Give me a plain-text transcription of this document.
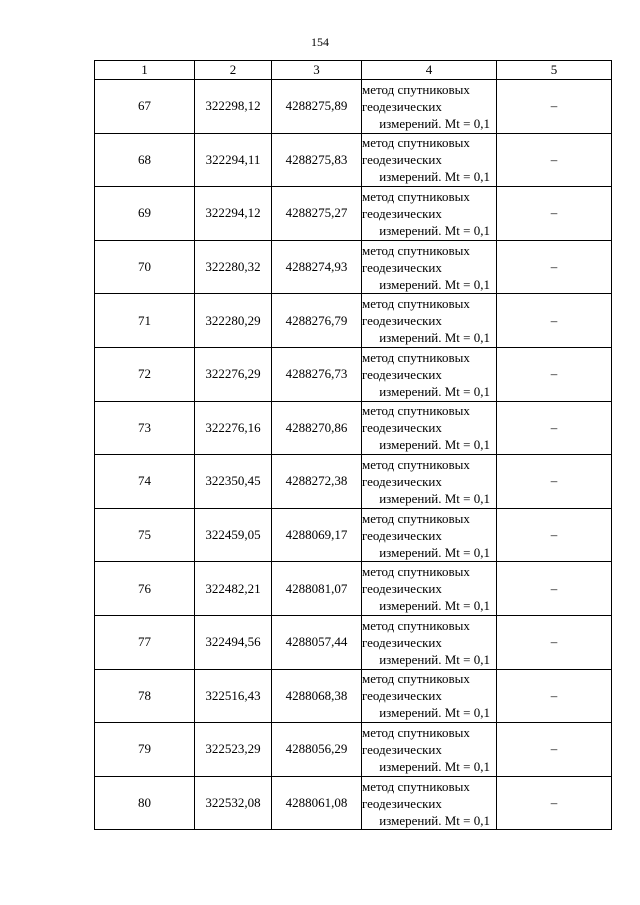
154
1	2	3	4	5
67	322298,12	4288275,89	метод спутниковых
геодезических
измерений. Mt = 0,1	–
68	322294,11	4288275,83	метод спутниковых
геодезических
измерений. Mt = 0,1	–
69	322294,12	4288275,27	метод спутниковых
геодезических
измерений. Mt = 0,1	–
70	322280,32	4288274,93	метод спутниковых
геодезических
измерений. Mt = 0,1	–
71	322280,29	4288276,79	метод спутниковых
геодезических
измерений. Mt = 0,1	–
72	322276,29	4288276,73	метод спутниковых
геодезических
измерений. Mt = 0,1	–
73	322276,16	4288270,86	метод спутниковых
геодезических
измерений. Mt = 0,1	–
74	322350,45	4288272,38	метод спутниковых
геодезических
измерений. Mt = 0,1	–
75	322459,05	4288069,17	метод спутниковых
геодезических
измерений. Mt = 0,1	–
76	322482,21	4288081,07	метод спутниковых
геодезических
измерений. Mt = 0,1	–
77	322494,56	4288057,44	метод спутниковых
геодезических
измерений. Mt = 0,1	–
78	322516,43	4288068,38	метод спутниковых
геодезических
измерений. Mt = 0,1	–
79	322523,29	4288056,29	метод спутниковых
геодезических
измерений. Mt = 0,1	–
80	322532,08	4288061,08	метод спутниковых
геодезических
измерений. Mt = 0,1	–
